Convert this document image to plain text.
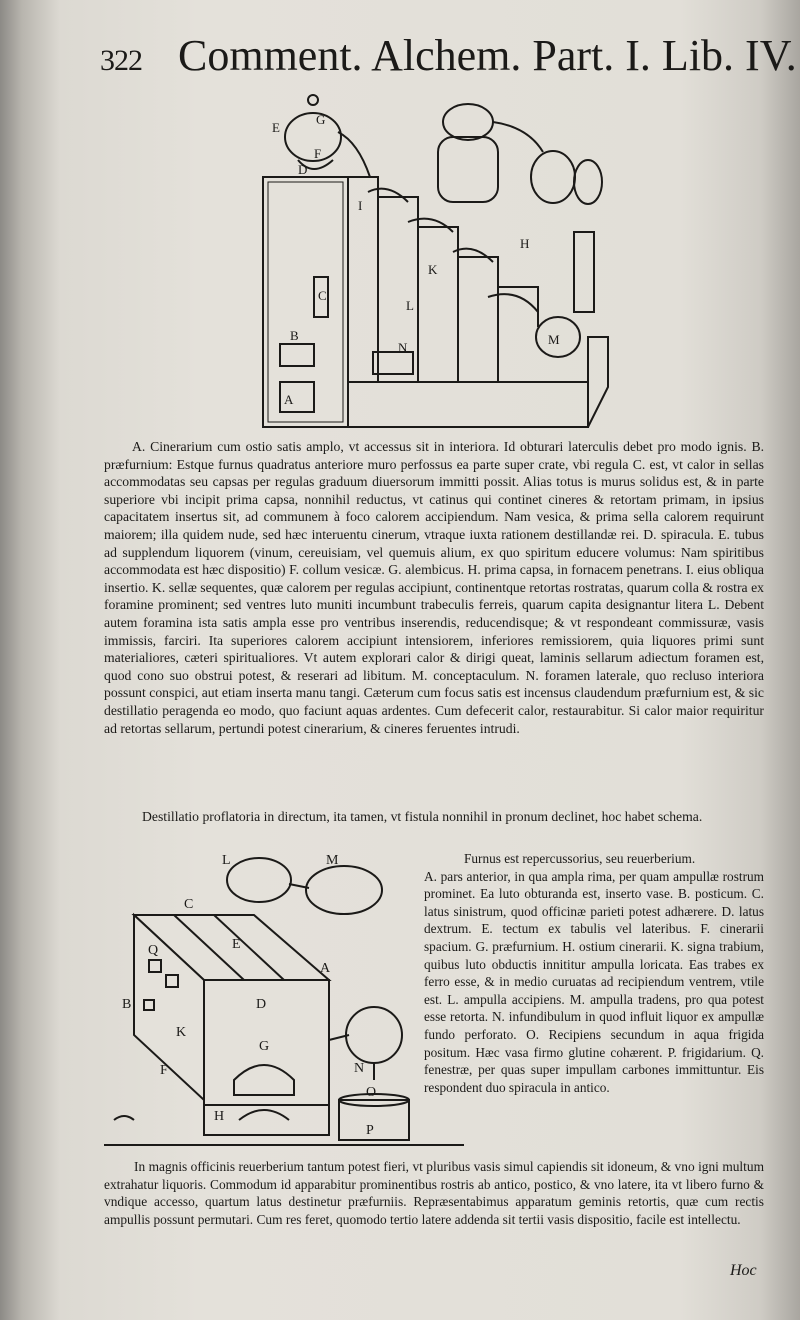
322 Comment. Alchem. Part. I. Lib. IV.
A
B
C
D
E
F
G
H
I
K
L
M
N

A. Cinerarium cum ostio satis amplo, vt accessus sit in interiora. Id obturari laterculis debet pro modo ignis. B. præfurnium: Estque furnus quadratus anteriore muro perfossus ea parte super crate, vbi regula C. est, vt calor in sellas accommodatas seu capsas per regulas graduum diuersorum immitti possit. Alias totus is murus solidus est, & in parte superiore vbi incipit prima capsa, nonnihil reductus, vt catinus qui continet cineres & retortam primam, in ipsius capacitatem insertus sit, ad communem à foco calorem accipiendum. Nam vesica, & prima sella calorem requirunt maiorem; illa quidem nude, sed hæc interuentu cinerum, vtraque iuxta rationem destillandæ rei. D. spiracula. E. tubus ad supplendum liquorem (vinum, cereuisiam, vel quemuis alium, ex quo spiritum educere volumus: Nam spiritibus accommodata est hæc dispositio) F. collum vesicæ. G. alembicus. H. prima capsa, in fornacem penetrans. I. eius obliqua insertio. K. sellæ sequentes, quæ calorem per regulas accipiunt, continentque retortas rostratas, quarum colla & rostra ex foramine prominent; sed ventres luto muniti incumbunt trabeculis ferreis, quarum capita designantur litera L. Debent autem foramina ista satis ampla esse pro ventribus inserendis, reducendisque; & vt respondeant commissuræ, vasis immissis, farciri. Ita superiores calorem accipiunt intensiorem, inferiores remissiorem, quia liquores primi sunt materialiores, cæteri spiritualiores. Vt autem explorari calor & dirigi queat, laminis sellarum adiectum foramen est, quod cono suo obstrui potest, & reserari ad libitum. M. conceptaculum. N. foramen laterale, quo recluso interiora possunt conspici, aut etiam inserta manu tangi. Cæterum cum focus satis est incensus claudendum præfurnium est, & sic destillatio peragenda eo modo, quo faciunt aquas ardentes. Cum defecerit calor, restaurabitur. Si calor maior requiritur ad retortas sellarum, pertundi potest cinerarium, & cineres feruentes intrudi.

Destillatio proflatoria in directum, ita tamen, vt fistula nonnihil in pronum declinet, hoc habet schema.
A
B
C
D
E
F
G
H
K
L	M
N
O
P
Q
Furnus est repercussorius, seu reuerberium.
A. pars anterior, in qua ampla rima, per quam ampullæ rostrum prominet. Ea luto obturanda est, inserto vase. B. posticum. C. latus sinistrum, quod officinæ parieti potest adhærere. D. latus dextrum. E. tectum ex tabulis vel lateribus. F. cinerarii spacium. G. præfurnium. H. ostium cinerarii. K. signa trabium, quibus luto obductis innititur ampulla loricata. Eas trabes ex ferro esse, & in medio curuatas ad recipiendum ventrem, vtile est. L. ampulla accipiens. M. ampulla tradens, pro qua potest esse retorta. N. infundibulum in quod influit liquor ex ampullæ fundo perforato. O. Recipiens secundum in aqua frigida positum. Hæc vasa firmo glutine cohærent. P. frigidarium. Q. fenestræ, per quas super impullam carbones immittuntur. Eis respondent duo spiracula in antico.
In magnis officinis reuerberium tantum potest fieri, vt pluribus vasis simul capiendis sit idoneum, & vno igni multum extrahatur liquoris. Commodum id apparabitur prominentibus rostris ab antico, postico, & vno latere, ita vt libero furno & vndique accesso, quartum latus destinetur præfurniis. Repræsentabimus apparatum geminis retortis, quæ cum rectis ampullis possunt permutari. Cum res feret, quomodo tertio latere addenda sit tertii vasis dispositio, facile est intellectu.
Hoc
